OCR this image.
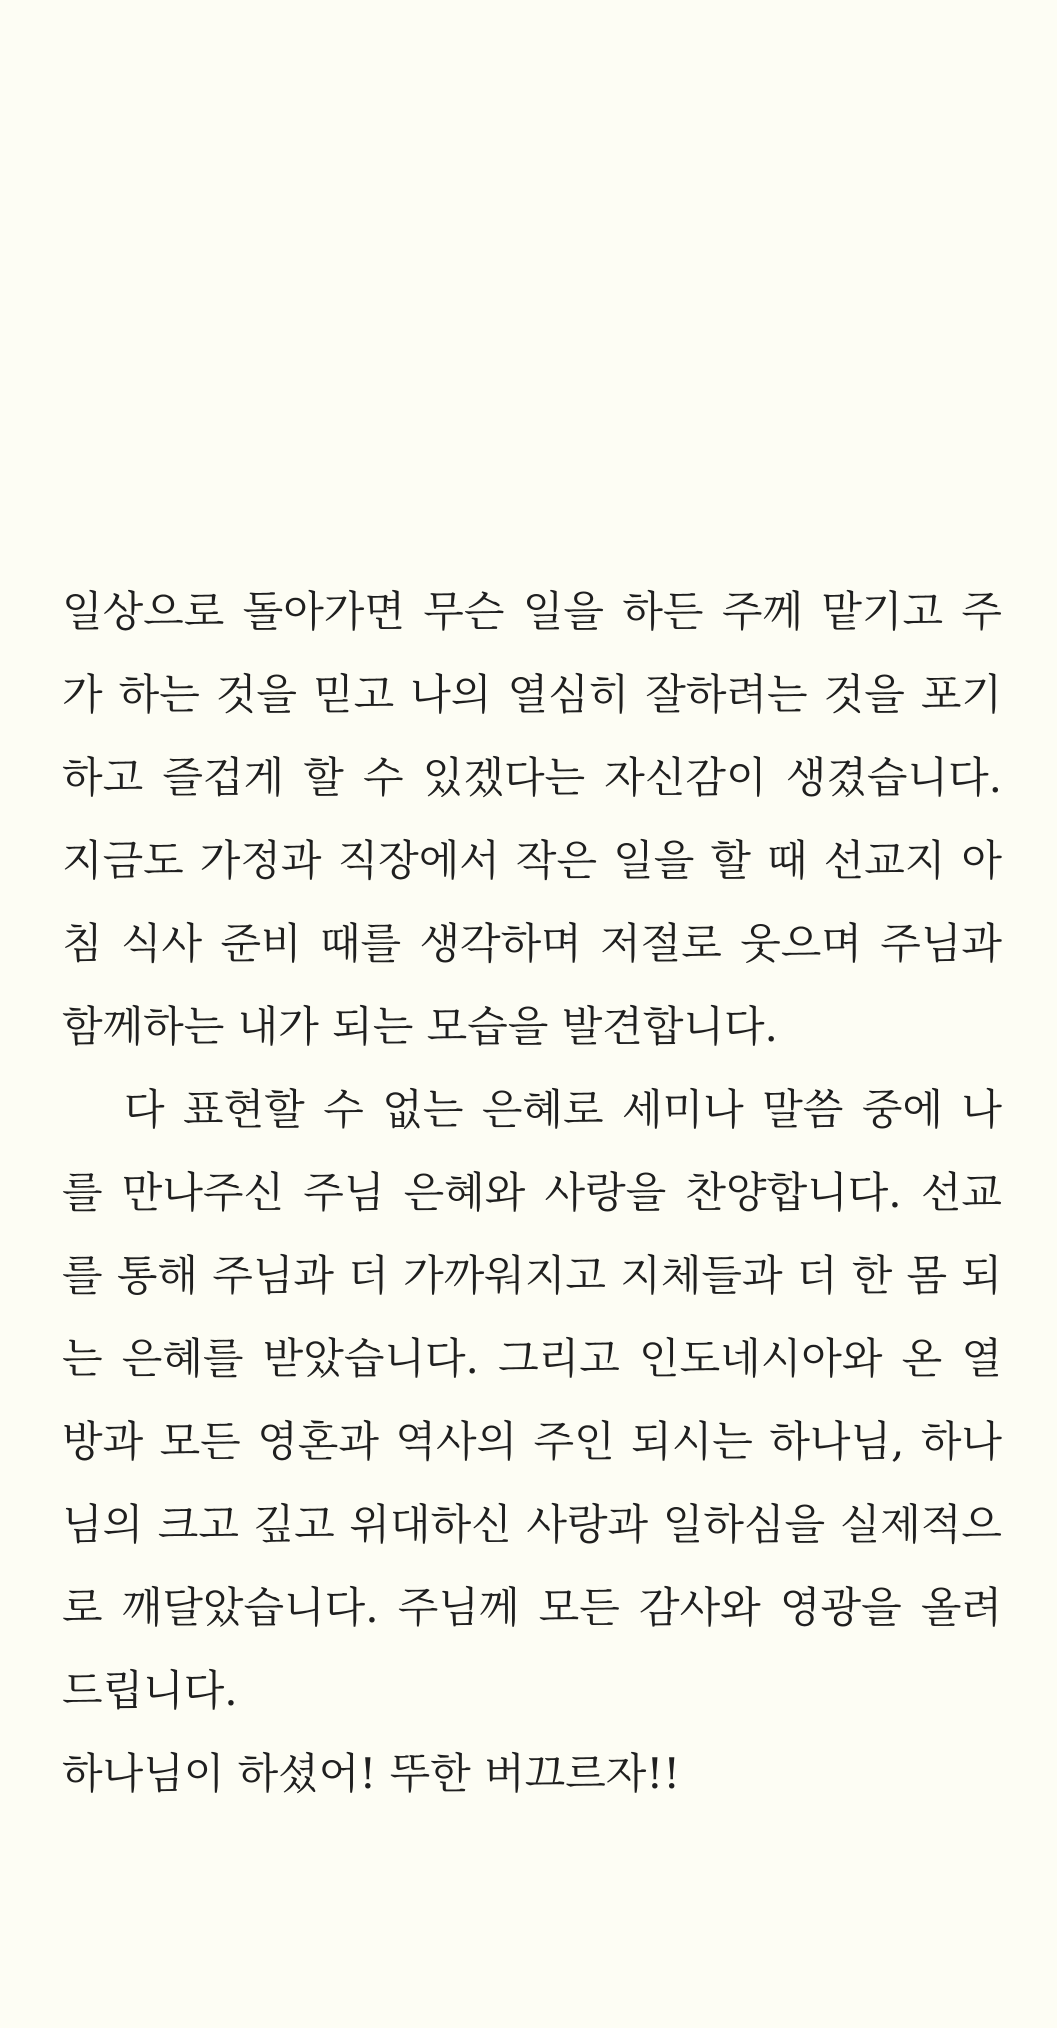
일상으로 돌아가면 무슨 일을 하든 주께 맡기고 주
가 하는 것을 믿고 나의 열심히 잘하려는 것을 포기
하고 즐겁게 할 수 있겠다는 자신감이 생겼습니다.
지금도 가정과 직장에서 작은 일을 할 때 선교지 아
침 식사 준비 때를 생각하며 저절로 웃으며 주님과
함께하는 내가 되는 모습을 발견합니다.
다 표현할 수 없는 은혜로 세미나 말씀 중에 나
를 만나주신 주님 은혜와 사랑을 찬양합니다. 선교
를 통해 주님과 더 가까워지고 지체들과 더 한 몸 되
는 은혜를 받았습니다. 그리고 인도네시아와 온 열
방과 모든 영혼과 역사의 주인 되시는 하나님, 하나
님의 크고 깊고 위대하신 사랑과 일하심을 실제적으
로 깨달았습니다. 주님께 모든 감사와 영광을 올려
드립니다.
하나님이 하셨어! 뚜한 버끄르자!!
